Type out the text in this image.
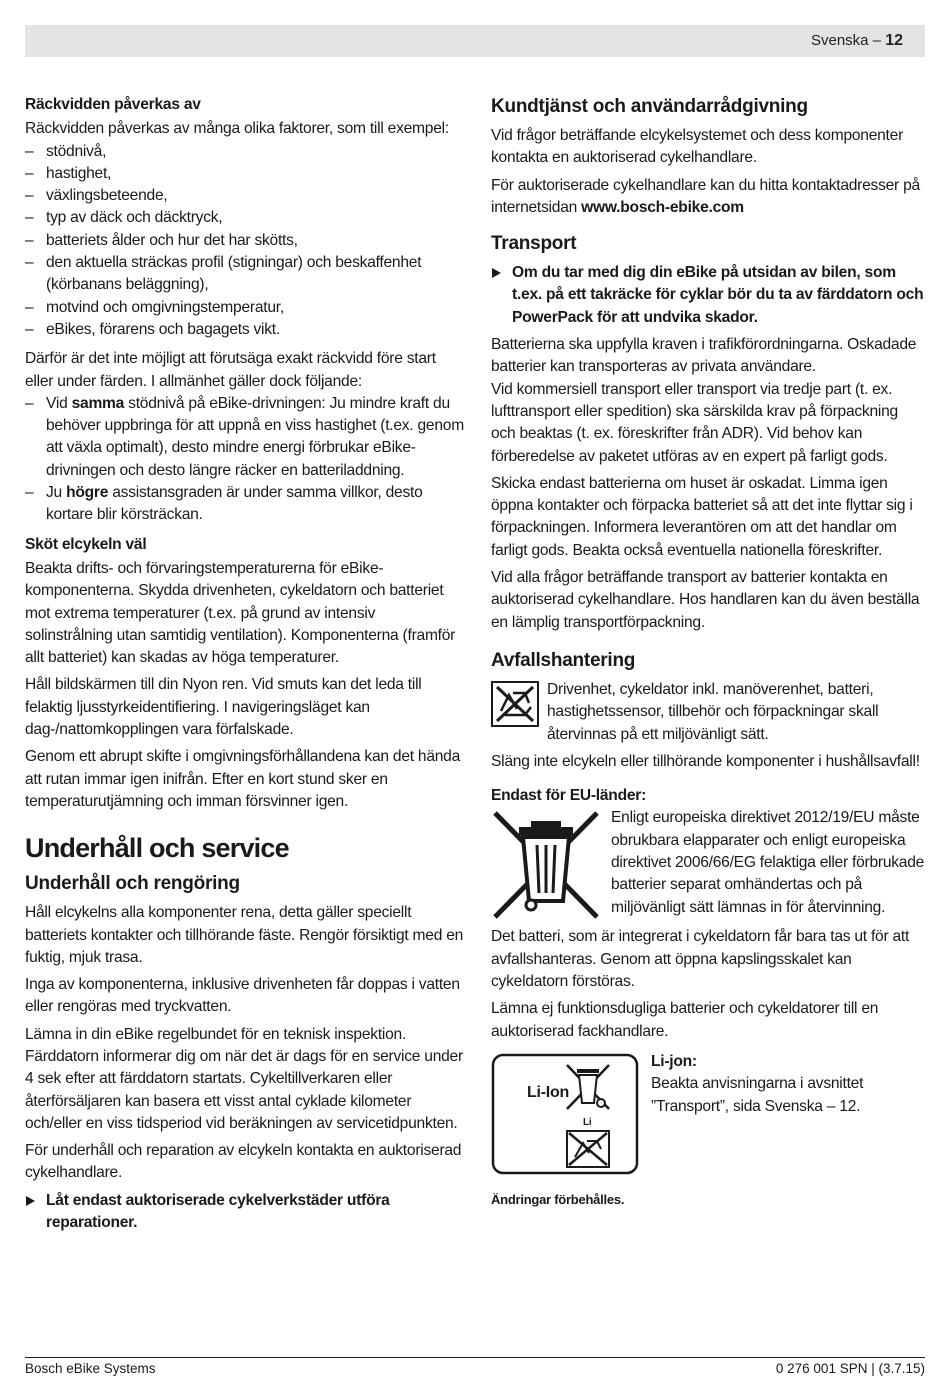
Svenska – 12
Räckvidden påverkas av

Räckvidden påverkas av många olika faktorer, som till exempel:

– stödnivå,
– hastighet,
– växlingsbeteende,
– typ av däck och däcktryck,
– batteriets ålder och hur det har skötts,
– den aktuella sträckas profil (stigningar) och beskaffenhet (körbanans beläggning),
– motvind och omgivningstemperatur,
– eBikes, förarens och bagagets vikt.

Därför är det inte möjligt att förutsäga exakt räckvidd före start eller under färden. I allmänhet gäller dock följande:

– Vid samma stödnivå på eBike-drivningen: Ju mindre kraft du behöver uppbringa för att uppnå en viss hastighet (t.ex. genom att växla optimalt), desto mindre energi förbrukar eBike-drivningen och desto längre räcker en batteriladdning.
– Ju högre assistansgraden är under samma villkor, desto kortare blir körsträckan.
Sköt elcykeln väl

Beakta drifts- och förvaringstemperaturerna för eBike-komponenterna. Skydda drivenheten, cykeldatorn och batteriet mot extrema temperaturer (t.ex. på grund av intensiv solinstrålning utan samtidig ventilation). Komponenterna (framför allt batteriet) kan skadas av höga temperaturer.

Håll bildskärmen till din Nyon ren. Vid smuts kan det leda till felaktig ljusstyrkeidentifiering. I navigeringsläget kan dag-/nattomkopplingen vara förfalskade.

Genom ett abrupt skifte i omgivningsförhållandena kan det hända att rutan immar igen inifrån. Efter en kort stund sker en temperaturutjämning och imman försvinner igen.

Underhåll och service
Underhåll och rengöring

Håll elcykelns alla komponenter rena, detta gäller speciellt batteriets kontakter och tillhörande fäste. Rengör försiktigt med en fuktig, mjuk trasa.

Inga av komponenterna, inklusive drivenheten får doppas i vatten eller rengöras med tryckvatten.

Lämna in din eBike regelbundet för en teknisk inspektion. Färddatorn informerar dig om när det är dags för en service under 4 sek efter att färddatorn startats. Cykeltillverkaren eller återförsäljaren kan basera ett visst antal cyklade kilometer och/eller en viss tidsperiod vid beräkningen av servicetidpunkten.

För underhåll och reparation av elcykeln kontakta en auktoriserad cykelhandlare.

Låt endast auktoriserade cykelverkstäder utföra reparationer.
Kundtjänst och användarrådgivning

Vid frågor beträffande elcykelsystemet och dess komponenter kontakta en auktoriserad cykelhandlare.

För auktoriserade cykelhandlare kan du hitta kontaktadresser på internetsidan www.bosch-ebike.com

Transport
Om du tar med dig din eBike på utsidan av bilen, som t.ex. på ett takräcke för cyklar bör du ta av färddatorn och PowerPack för att undvika skador.

Batterierna ska uppfylla kraven i trafikförordningarna. Oskadade batterier kan transporteras av privata användare.

Vid kommersiell transport eller transport via tredje part (t. ex. lufttransport eller spedition) ska särskilda krav på förpackning och beaktas (t. ex. föreskrifter från ADR). Vid behov kan förberedelse av paketet utföras av en expert på farligt gods.

Skicka endast batterierna om huset är oskadat. Limma igen öppna kontakter och förpacka batteriet så att det inte flyttar sig i förpackningen. Informera leverantören om att det handlar om farligt gods. Beakta också eventuella nationella föreskrifter.

Vid alla frågor beträffande transport av batterier kontakta en auktoriserad cykelhandlare. Hos handlaren kan du även beställa en lämplig transportförpackning.

Avfallshantering

Drivenhet, cykeldator inkl. manöverenhet, batteri, hastighetssensor, tillbehör och förpackningar skall återvinnas på ett miljövänligt sätt.

Släng inte elcykeln eller tillhörande komponenter i hushållsavfall!

Endast för EU-länder:

Enligt europeiska direktivet 2012/19/EU måste obrukbara elapparater och enligt europeiska direktivet 2006/66/EG felaktiga eller förbrukade batterier separat omhändertas och på miljövänligt sätt lämnas in för återvinning.

Det batteri, som är integrerat i cykeldatorn får bara tas ut för att avfallshanteras. Genom att öppna kapslingsskalet kan cykeldatorn förstöras.

Lämna ej funktionsdugliga batterier och cykeldatorer till en auktoriserad fackhandlare.

Li-Ion
Li
Li-jon:

Beakta anvisningarna i avsnittet ”Transport”, sida Svenska – 12.

Ändringar förbehålles.
Bosch eBike Systems	0 276 001 SPN | (3.7.15)
